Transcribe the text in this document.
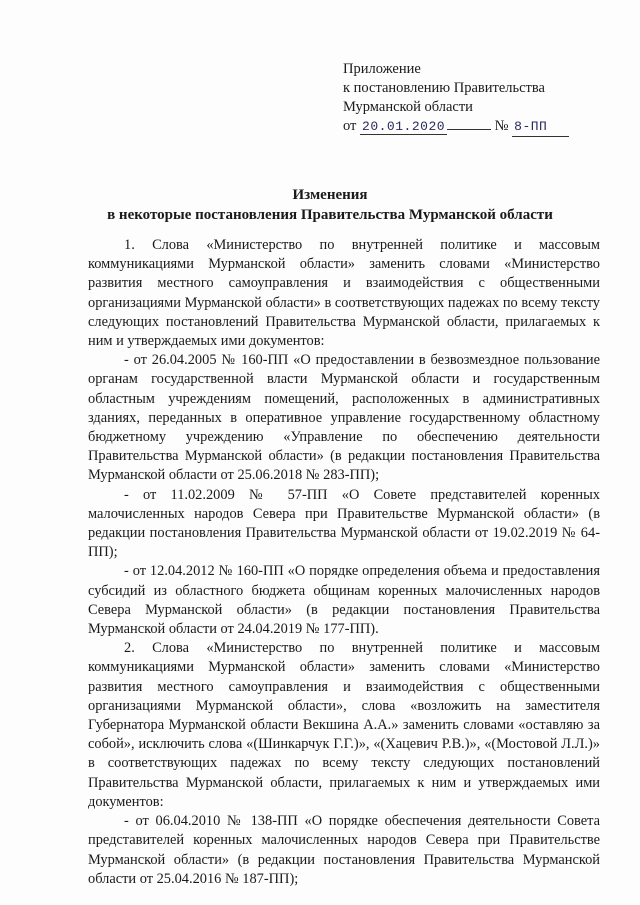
Приложение
к постановлению Правительства
Мурманской области
от 20.01.2020	№ 8-ПП
Изменения
в некоторые постановления Правительства Мурманской области

1. Слова «Министерство по внутренней политике и массовым коммуникациями Мурманской области» заменить словами «Министерство развития местного самоуправления и взаимодействия с общественными организациями Мурманской области» в соответствующих падежах по всему тексту следующих постановлений Правительства Мурманской области, прилагаемых к ним и утверждаемых ими документов:

- от 26.04.2005 № 160-ПП «О предоставлении в безвозмездное пользование органам государственной власти Мурманской области и государственным областным учреждениям помещений, расположенных в административных зданиях, переданных в оперативное управление государственному областному бюджетному учреждению «Управление по обеспечению деятельности Правительства Мурманской области» (в редакции постановления Правительства Мурманской области от 25.06.2018 № 283-ПП);

- от 11.02.2009 № 57-ПП «О Совете представителей коренных малочисленных народов Севера при Правительстве Мурманской области» (в редакции постановления Правительства Мурманской области от 19.02.2019 № 64-ПП);

- от 12.04.2012 № 160-ПП «О порядке определения объема и предоставления субсидий из областного бюджета общинам коренных малочисленных народов Севера Мурманской области» (в редакции постановления Правительства Мурманской области от 24.04.2019 № 177-ПП).

2. Слова «Министерство по внутренней политике и массовым коммуникациями Мурманской области» заменить словами «Министерство развития местного самоуправления и взаимодействия с общественными организациями Мурманской области», слова «возложить на заместителя Губернатора Мурманской области Векшина А.А.» заменить словами «оставляю за собой», исключить слова «(Шинкарчук Г.Г.)», «(Хацевич Р.В.)», «(Мостовой Л.Л.)» в соответствующих падежах по всему тексту следующих постановлений Правительства Мурманской области, прилагаемых к ним и утверждаемых ими документов:

- от 06.04.2010 № 138-ПП «О порядке обеспечения деятельности Совета представителей коренных малочисленных народов Севера при Правительстве Мурманской области» (в редакции постановления Правительства Мурманской области от 25.04.2016 № 187-ПП);
